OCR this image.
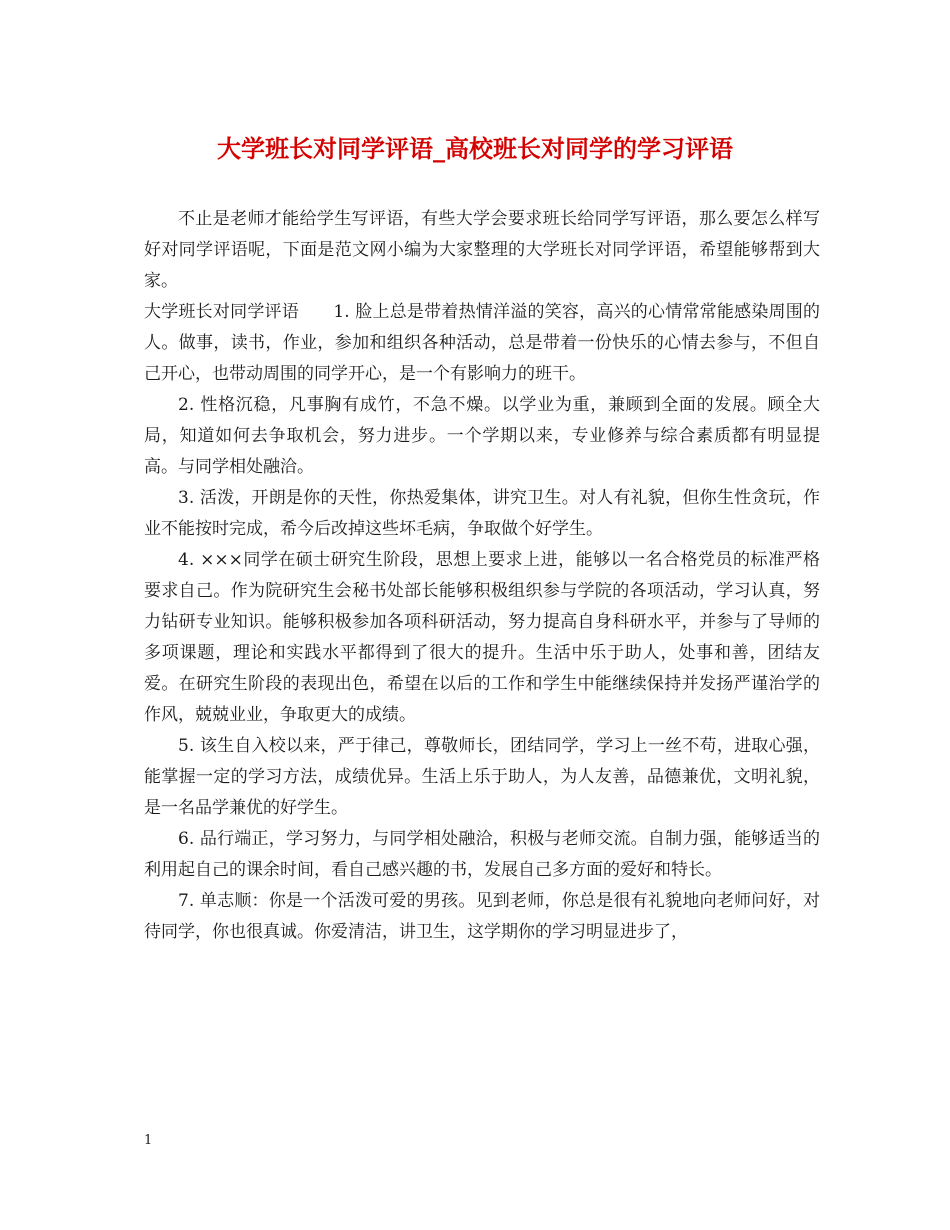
大学班长对同学评语_高校班长对同学的学习评语

不止是老师才能给学生写评语，有些大学会要求班长给同学写评语，那么要怎么样写好对同学评语呢，下面是范文网小编为大家整理的大学班长对同学评语，希望能够帮到大家。

大学班长对同学评语　　1. 脸上总是带着热情洋溢的笑容，高兴的心情常常能感染周围的人。做事，读书，作业，参加和组织各种活动，总是带着一份快乐的心情去参与，不但自己开心，也带动周围的同学开心，是一个有影响力的班干。

2. 性格沉稳，凡事胸有成竹，不急不燥。以学业为重，兼顾到全面的发展。顾全大局，知道如何去争取机会，努力进步。一个学期以来，专业修养与综合素质都有明显提高。与同学相处融洽。

3. 活泼，开朗是你的天性，你热爱集体，讲究卫生。对人有礼貌，但你生性贪玩，作业不能按时完成，希今后改掉这些坏毛病，争取做个好学生。

4. ×××同学在硕士研究生阶段，思想上要求上进，能够以一名合格党员的标准严格要求自己。作为院研究生会秘书处部长能够积极组织参与学院的各项活动，学习认真，努力钻研专业知识。能够积极参加各项科研活动，努力提高自身科研水平，并参与了导师的多项课题，理论和实践水平都得到了很大的提升。生活中乐于助人，处事和善，团结友爱。在研究生阶段的表现出色，希望在以后的工作和学生中能继续保持并发扬严谨治学的作风，兢兢业业，争取更大的成绩。

5. 该生自入校以来，严于律己，尊敬师长，团结同学，学习上一丝不苟，进取心强，能掌握一定的学习方法，成绩优异。生活上乐于助人，为人友善，品德兼优，文明礼貌，是一名品学兼优的好学生。

6. 品行端正，学习努力，与同学相处融洽，积极与老师交流。自制力强，能够适当的利用起自己的课余时间，看自己感兴趣的书，发展自己多方面的爱好和特长。

7. 单志顺：你是一个活泼可爱的男孩。见到老师，你总是很有礼貌地向老师问好，对待同学，你也很真诚。你爱清洁，讲卫生，这学期你的学习明显进步了，

1
